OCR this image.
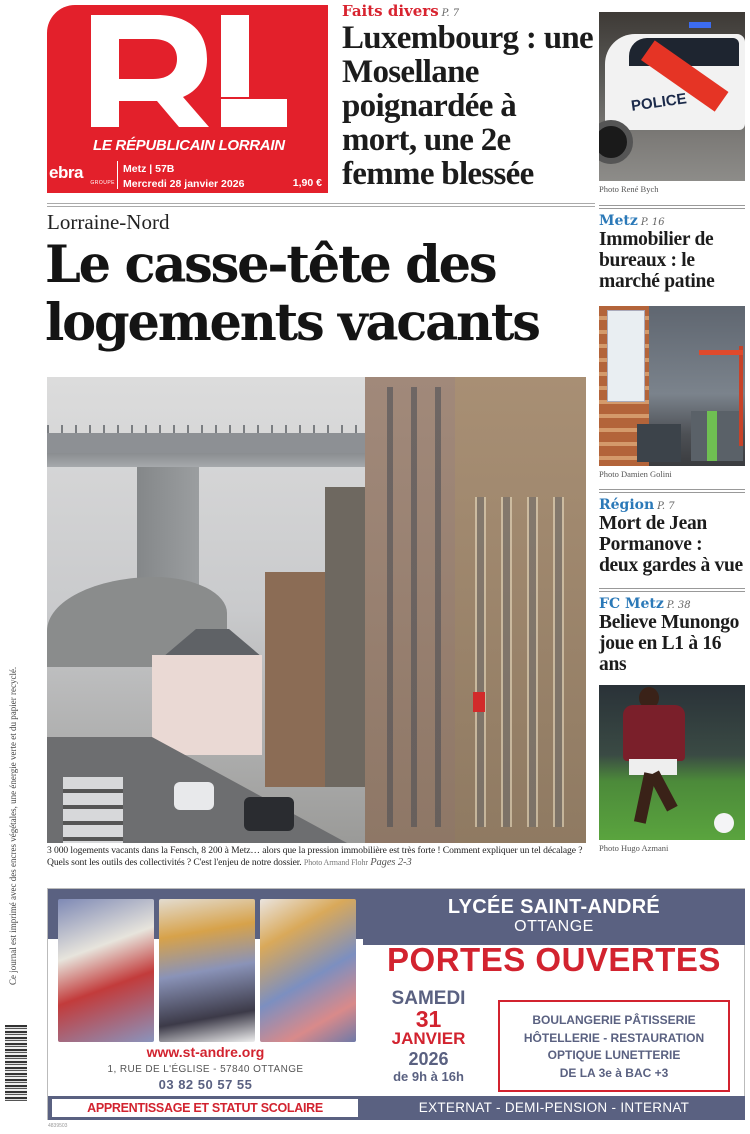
LE RÉPUBLICAIN LORRAIN
ebra
GROUPE
Metz | 57B
Mercredi 28 janvier 2026	1,90 €
Faits divers P. 7
Luxembourg : une Mosellane poignardée à mort, une 2e femme blessée
POLICE
Photo René Bych
Metz P. 16
Immobilier de bureaux : le marché patine
Photo Damien Golini
Région P. 7
Mort de Jean Pormanove : deux gardes à vue
FC Metz P. 38
Believe Munongo joue en L1 à 16 ans
Photo Hugo Azmani
Lorraine-Nord
Le casse-tête des
logements vacants
3 000 logements vacants dans la Fensch, 8 200 à Metz… alors que la pression immobilière est très forte ! Comment expliquer un tel décalage ? Quels sont les outils des collectivités ? C'est l'enjeu de notre dossier. Photo Armand Flohr Pages 2-3
Ce journal est imprimé avec des encres végétales, une énergie verte et du papier recyclé.
4839503
www.st-andre.org
1, RUE DE L'ÉGLISE - 57840 OTTANGE
03 82 50 57 55
APPRENTISSAGE ET STATUT SCOLAIRE
LYCÉE SAINT-ANDRÉ
OTTANGE
PORTES OUVERTES
SAMEDI
31
JANVIER
2026
de 9h à 16h
BOULANGERIE PÂTISSERIE
HÔTELLERIE - RESTAURATION
OPTIQUE LUNETTERIE
DE LA 3e à BAC +3
EXTERNAT - DEMI-PENSION - INTERNAT
